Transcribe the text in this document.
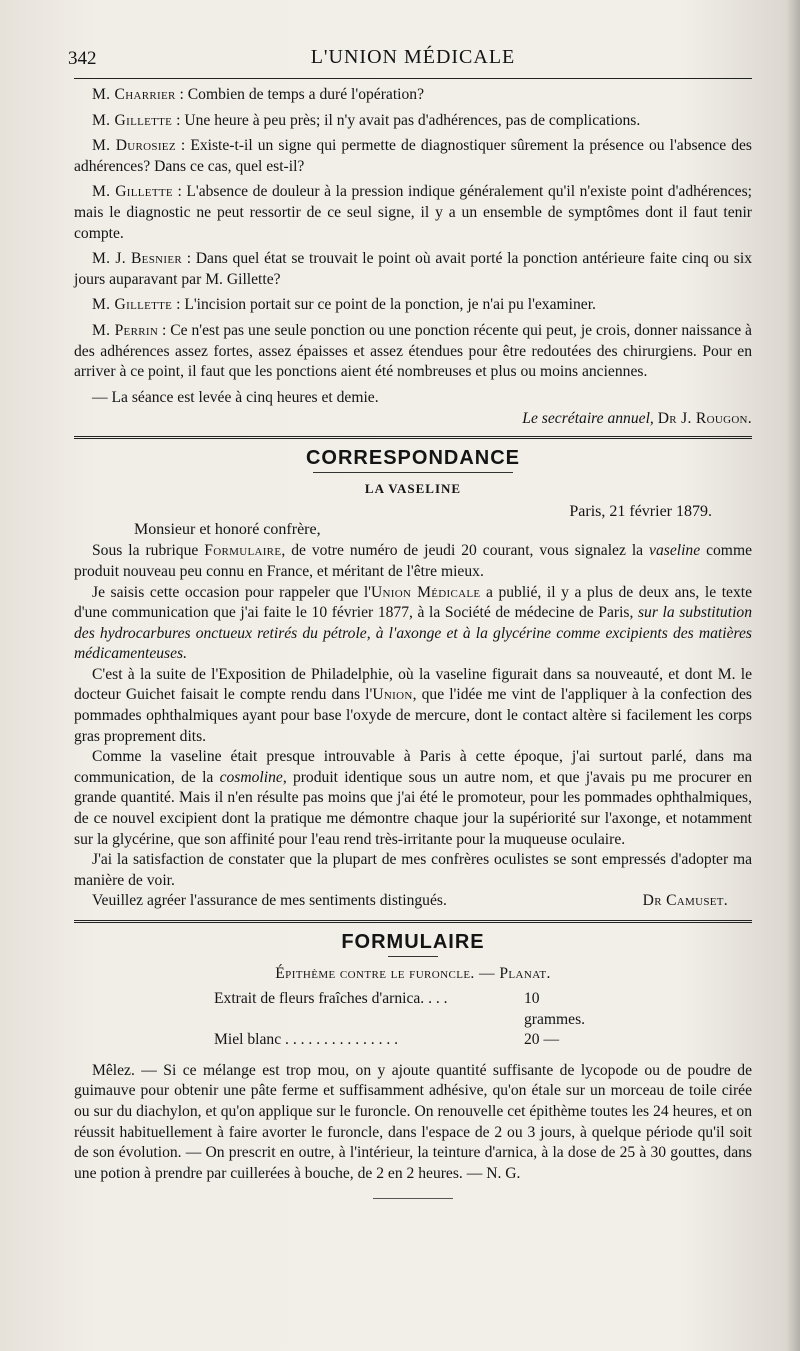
342	L'UNION MÉDICALE

M. Charrier : Combien de temps a duré l'opération?

M. Gillette : Une heure à peu près; il n'y avait pas d'adhérences, pas de complications.

M. Durosiez : Existe-t-il un signe qui permette de diagnostiquer sûrement la présence ou l'absence des adhérences? Dans ce cas, quel est-il?

M. Gillette : L'absence de douleur à la pression indique généralement qu'il n'existe point d'adhérences; mais le diagnostic ne peut ressortir de ce seul signe, il y a un ensemble de symptômes dont il faut tenir compte.

M. J. Besnier : Dans quel état se trouvait le point où avait porté la ponction antérieure faite cinq ou six jours auparavant par M. Gillette?

M. Gillette : L'incision portait sur ce point de la ponction, je n'ai pu l'examiner.

M. Perrin : Ce n'est pas une seule ponction ou une ponction récente qui peut, je crois, donner naissance à des adhérences assez fortes, assez épaisses et assez étendues pour être redoutées des chirurgiens. Pour en arriver à ce point, il faut que les ponctions aient été nombreuses et plus ou moins anciennes.

— La séance est levée à cinq heures et demie.

Le secrétaire annuel, Dr J. Rougon.
CORRESPONDANCE
LA VASELINE
Paris, 21 février 1879.
Monsieur et honoré confrère,

Sous la rubrique Formulaire, de votre numéro de jeudi 20 courant, vous signalez la vaseline comme produit nouveau peu connu en France, et méritant de l'être mieux.

Je saisis cette occasion pour rappeler que l'Union Médicale a publié, il y a plus de deux ans, le texte d'une communication que j'ai faite le 10 février 1877, à la Société de médecine de Paris, sur la substitution des hydrocarbures onctueux retirés du pétrole, à l'axonge et à la glycérine comme excipients des matières médicamenteuses.

C'est à la suite de l'Exposition de Philadelphie, où la vaseline figurait dans sa nouveauté, et dont M. le docteur Guichet faisait le compte rendu dans l'Union, que l'idée me vint de l'appliquer à la confection des pommades ophthalmiques ayant pour base l'oxyde de mercure, dont le contact altère si facilement les corps gras proprement dits.

Comme la vaseline était presque introuvable à Paris à cette époque, j'ai surtout parlé, dans ma communication, de la cosmoline, produit identique sous un autre nom, et que j'avais pu me procurer en grande quantité. Mais il n'en résulte pas moins que j'ai été le promoteur, pour les pommades ophthalmiques, de ce nouvel excipient dont la pratique me démontre chaque jour la supériorité sur l'axonge, et notamment sur la glycérine, que son affinité pour l'eau rend très-irritante pour la muqueuse oculaire.

J'ai la satisfaction de constater que la plupart de mes confrères oculistes se sont empressés d'adopter ma manière de voir.

Veuillez agréer l'assurance de mes sentiments distingués.	Dr Camuset.
FORMULAIRE
Épithème contre le furoncle. — Planat.
Extrait de fleurs fraîches d'arnica. . . .	10 grammes.
Miel blanc . . . . . . . . . . . . . . .	20 —

Mêlez. — Si ce mélange est trop mou, on y ajoute quantité suffisante de lycopode ou de poudre de guimauve pour obtenir une pâte ferme et suffisamment adhésive, qu'on étale sur un morceau de toile cirée ou sur du diachylon, et qu'on applique sur le furoncle. On renouvelle cet épithème toutes les 24 heures, et on réussit habituellement à faire avorter le furoncle, dans l'espace de 2 ou 3 jours, à quelque période qu'il soit de son évolution. — On prescrit en outre, à l'intérieur, la teinture d'arnica, à la dose de 25 à 30 gouttes, dans une potion à prendre par cuillerées à bouche, de 2 en 2 heures. — N. G.
